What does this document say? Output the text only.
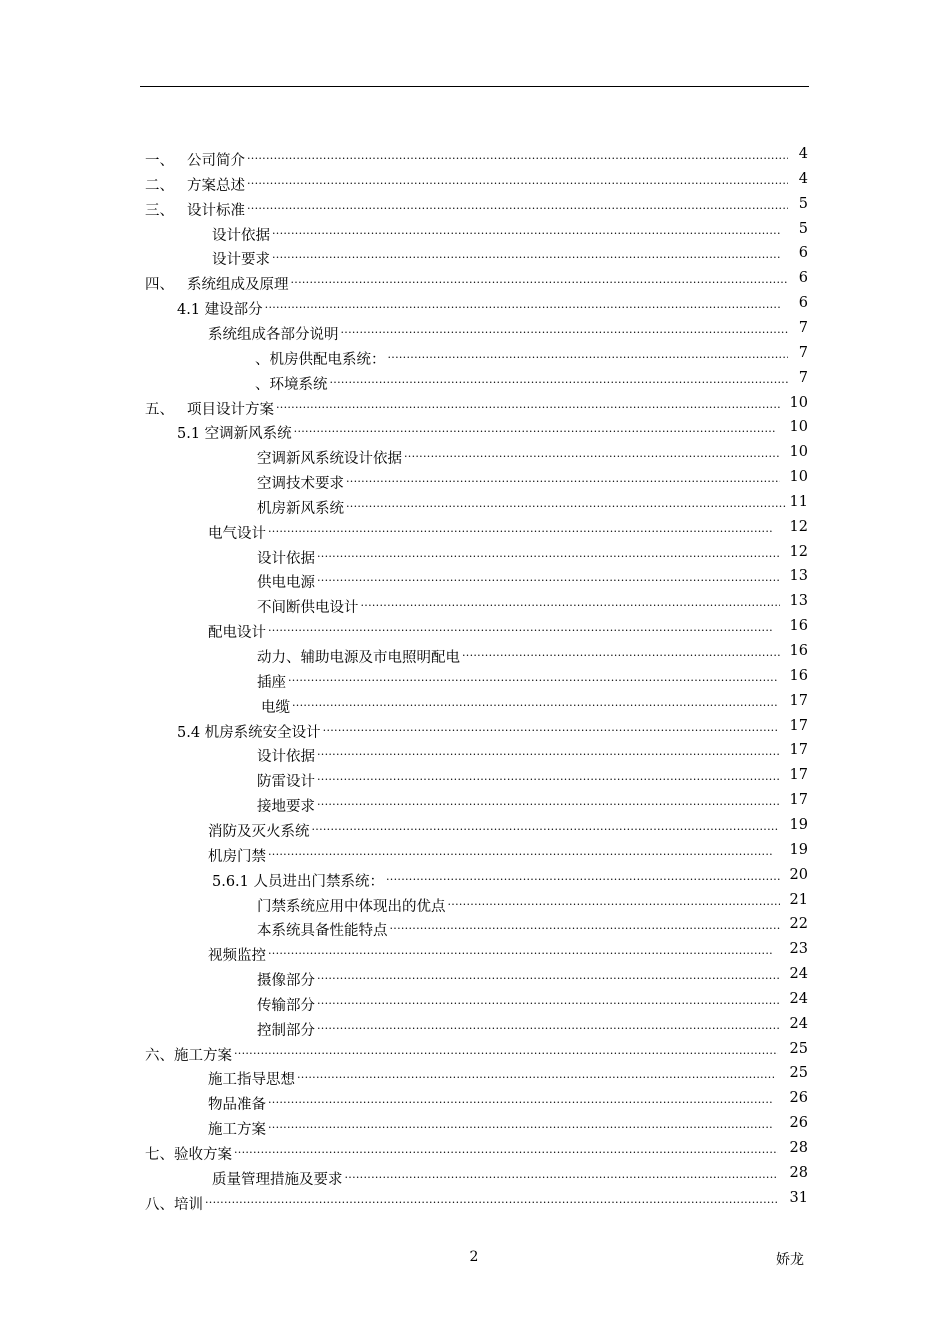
一、 公司简介 .....	4
二、 方案总述 .....	4
三、 设计标准 .....	5
设计依据 .....	5
设计要求 .....	6
四、 系统组成及原理 .....	6
4.1 建设部分 .....	6
系统组成各部分说明 .....	7
、机房供配电系统： .....	7
、环境系统 .....	7
五、 项目设计方案 .....	10
5.1 空调新风系统 .....	10
空调新风系统设计依据 .....	10
空调技术要求 .....	10
机房新风系统 .....	11
电气设计 .....	12
设计依据 .....	12
供电电源 .....	13
不间断供电设计 .....	13
配电设计 .....	16
动力、辅助电源及市电照明配电 .....	16
插座 .....	16
电缆 .....	17
5.4 机房系统安全设计 .....	17
设计依据 .....	17
防雷设计 .....	17
接地要求 .....	17
消防及灭火系统 .....	19
机房门禁 .....	19
5.6.1 人员进出门禁系统： .....	20
门禁系统应用中体现出的优点 .....	21
本系统具备性能特点 .....	22
视频监控 .....	23
摄像部分 .....	24
传输部分 .....	24
控制部分 .....	24
六、施工方案 .....	25
施工指导思想 .....	25
物品准备 .....	26
施工方案 .....	26
七、验收方案 .....	28
质量管理措施及要求 .....	28
八、培训 .....	31
2	娇龙
